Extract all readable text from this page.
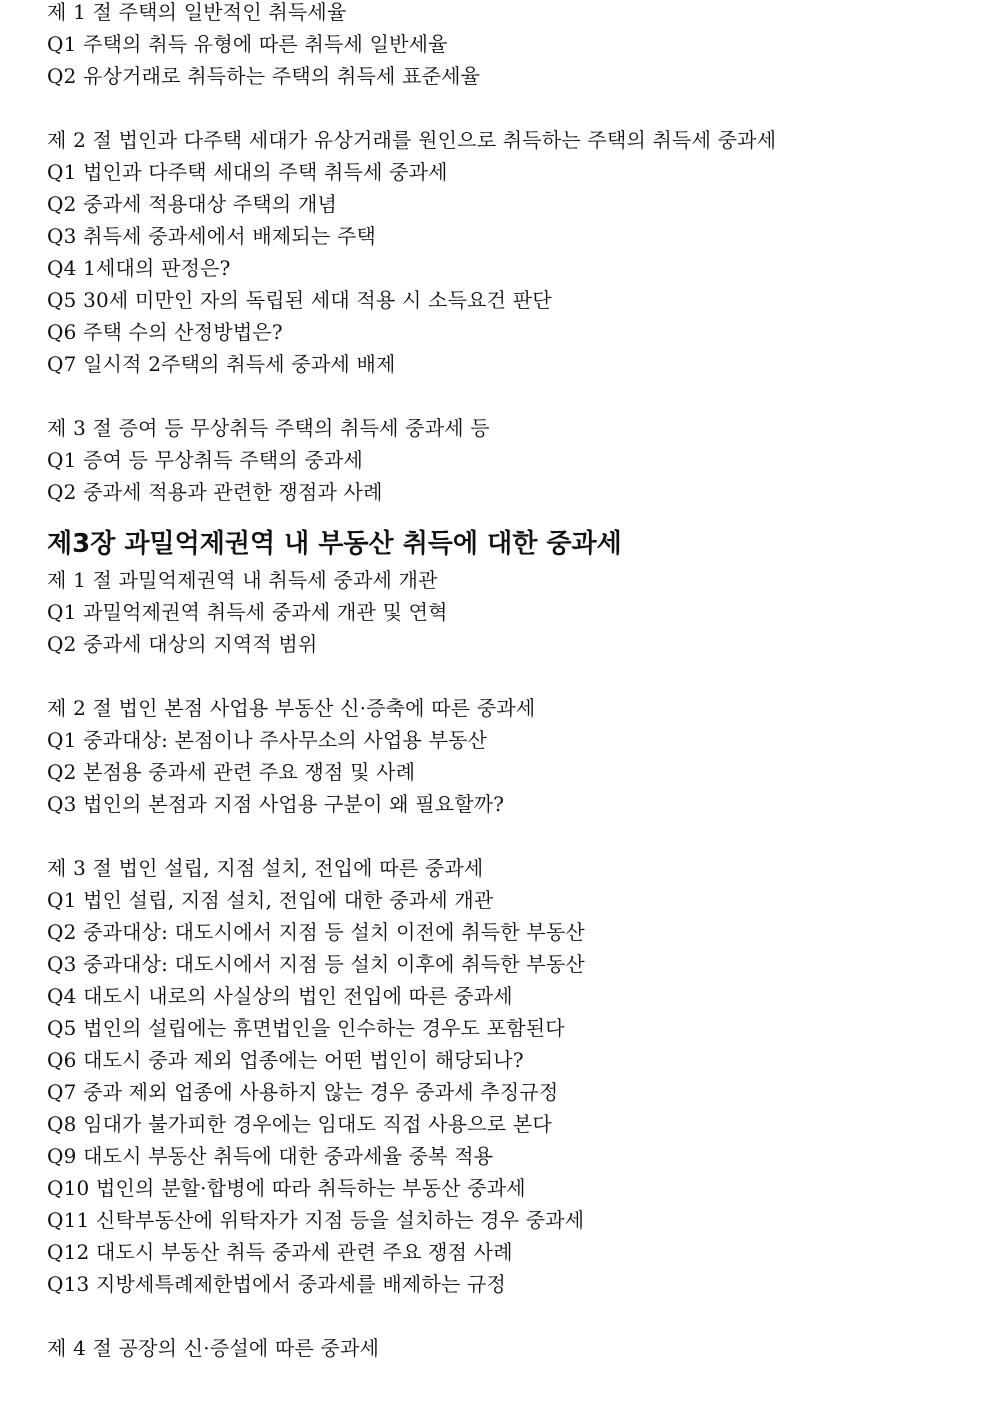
제 1 절 주택의 일반적인 취득세율
Q1 주택의 취득 유형에 따른 취득세 일반세율
Q2 유상거래로 취득하는 주택의 취득세 표준세율
제 2 절 법인과 다주택 세대가 유상거래를 원인으로 취득하는 주택의 취득세 중과세
Q1 법인과 다주택 세대의 주택 취득세 중과세
Q2 중과세 적용대상 주택의 개념
Q3 취득세 중과세에서 배제되는 주택
Q4 1세대의 판정은?
Q5 30세 미만인 자의 독립된 세대 적용 시 소득요건 판단
Q6 주택 수의 산정방법은?
Q7 일시적 2주택의 취득세 중과세 배제
제 3 절 증여 등 무상취득 주택의 취득세 중과세 등
Q1 증여 등 무상취득 주택의 중과세
Q2 중과세 적용과 관련한 쟁점과 사례
제3장 과밀억제권역 내 부동산 취득에 대한 중과세
제 1 절 과밀억제권역 내 취득세 중과세 개관
Q1 과밀억제권역 취득세 중과세 개관 및 연혁
Q2 중과세 대상의 지역적 범위
제 2 절 법인 본점 사업용 부동산 신·증축에 따른 중과세
Q1 중과대상: 본점이나 주사무소의 사업용 부동산
Q2 본점용 중과세 관련 주요 쟁점 및 사례
Q3 법인의 본점과 지점 사업용 구분이 왜 필요할까?
제 3 절 법인 설립, 지점 설치, 전입에 따른 중과세
Q1 법인 설립, 지점 설치, 전입에 대한 중과세 개관
Q2 중과대상: 대도시에서 지점 등 설치 이전에 취득한 부동산
Q3 중과대상: 대도시에서 지점 등 설치 이후에 취득한 부동산
Q4 대도시 내로의 사실상의 법인 전입에 따른 중과세
Q5 법인의 설립에는 휴면법인을 인수하는 경우도 포함된다
Q6 대도시 중과 제외 업종에는 어떤 법인이 해당되나?
Q7 중과 제외 업종에 사용하지 않는 경우 중과세 추징규정
Q8 임대가 불가피한 경우에는 임대도 직접 사용으로 본다
Q9 대도시 부동산 취득에 대한 중과세율 중복 적용
Q10 법인의 분할·합병에 따라 취득하는 부동산 중과세
Q11 신탁부동산에 위탁자가 지점 등을 설치하는 경우 중과세
Q12 대도시 부동산 취득 중과세 관련 주요 쟁점 사례
Q13 지방세특례제한법에서 중과세를 배제하는 규정
제 4 절 공장의 신·증설에 따른 중과세
